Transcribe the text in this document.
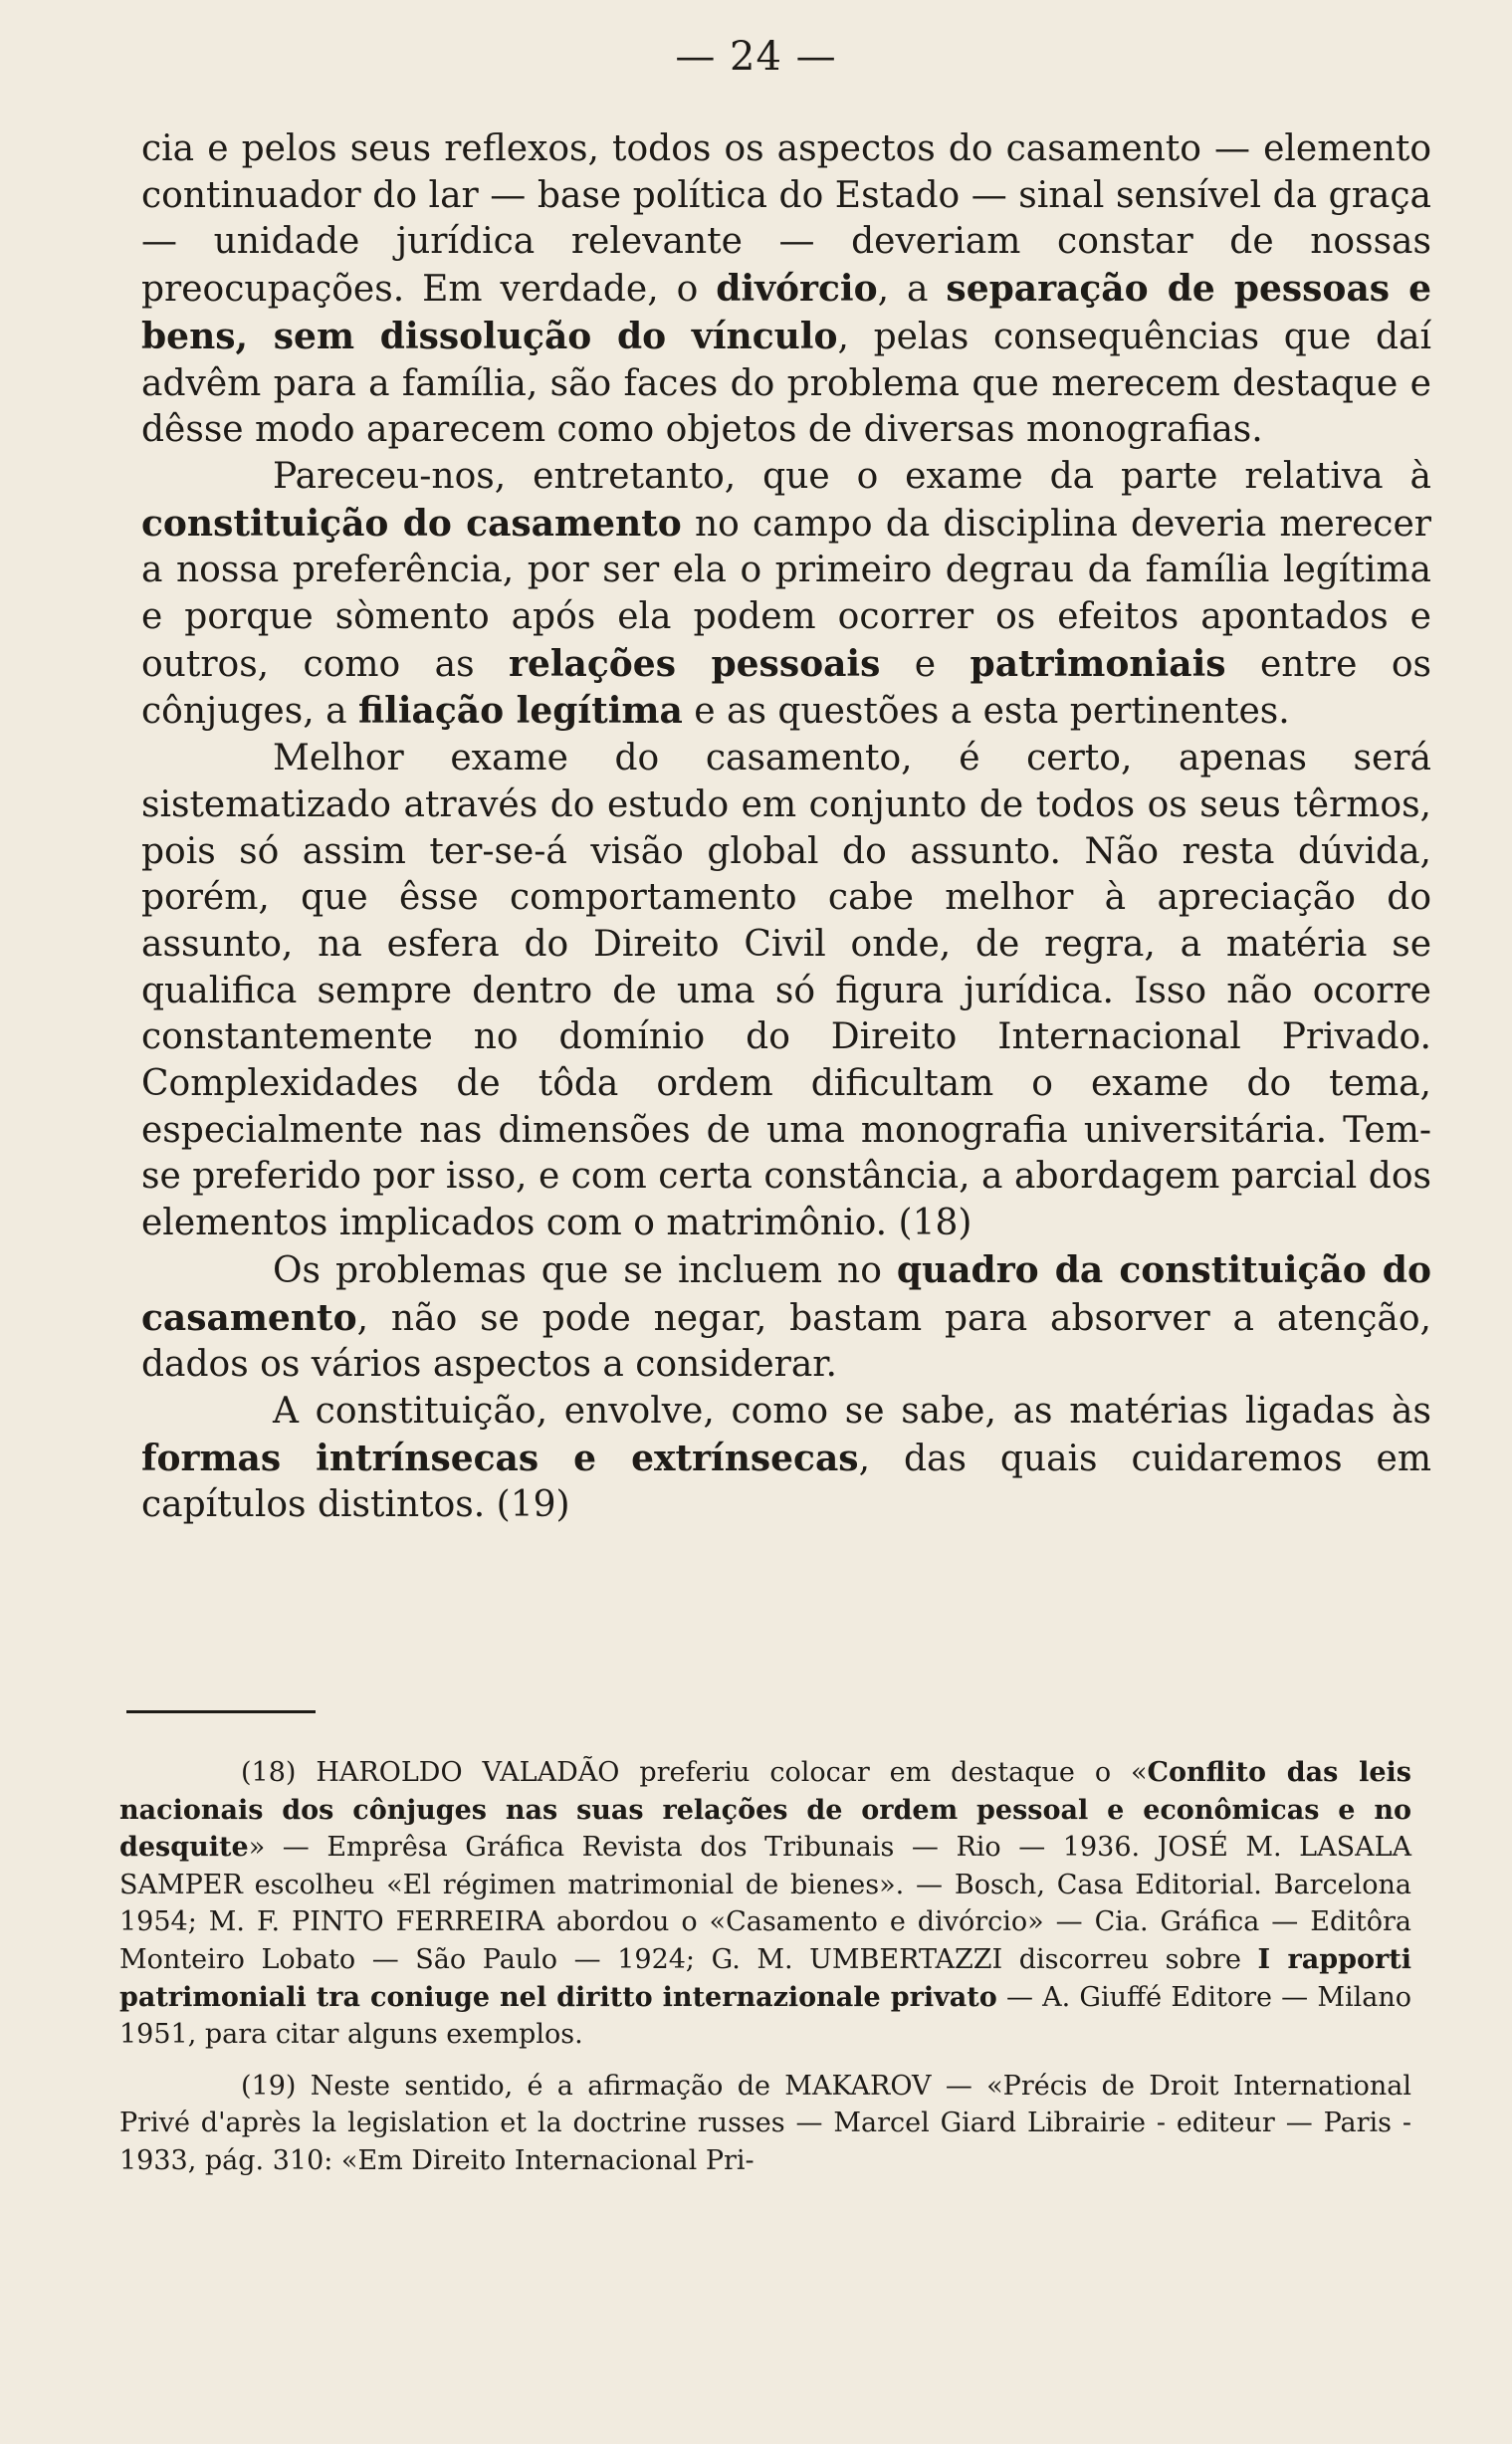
— 24 —

cia e pelos seus reflexos, todos os aspectos do casamento — elemento continuador do lar — base política do Estado — sinal sensível da graça — unidade jurídica relevante — deveriam constar de nossas preocupações. Em verdade, o divórcio, a separação de pessoas e bens, sem dissolução do vínculo, pelas consequências que daí advêm para a família, são faces do problema que merecem destaque e dêsse modo aparecem como objetos de diversas monografias.

Pareceu-nos, entretanto, que o exame da parte relativa à constituição do casamento no campo da disciplina deveria merecer a nossa preferência, por ser ela o primeiro degrau da família legítima e porque sòmento após ela podem ocorrer os efeitos apontados e outros, como as relações pessoais e patrimoniais entre os cônjuges, a filiação legítima e as questões a esta pertinentes.

Melhor exame do casamento, é certo, apenas será sistematizado através do estudo em conjunto de todos os seus têrmos, pois só assim ter-se-á visão global do assunto. Não resta dúvida, porém, que êsse comportamento cabe melhor à apreciação do assunto, na esfera do Direito Civil onde, de regra, a matéria se qualifica sempre dentro de uma só figura jurídica. Isso não ocorre constantemente no domínio do Direito Internacional Privado. Complexidades de tôda ordem dificultam o exame do tema, especialmente nas dimensões de uma monografia universitária. Tem-se preferido por isso, e com certa constância, a abordagem parcial dos elementos implicados com o matrimônio. (18)

Os problemas que se incluem no quadro da constituição do casamento, não se pode negar, bastam para absorver a atenção, dados os vários aspectos a considerar.

A constituição, envolve, como se sabe, as matérias ligadas às formas intrínsecas e extrínsecas, das quais cuidaremos em capítulos distintos. (19)

(18) HAROLDO VALADÃO preferiu colocar em destaque o «Conflito das leis nacionais dos cônjuges nas suas relações de ordem pessoal e econômicas e no desquite» — Emprêsa Gráfica Revista dos Tribunais — Rio — 1936. JOSÉ M. LASALA SAMPER escolheu «El régimen matrimonial de bienes». — Bosch, Casa Editorial. Barcelona 1954; M. F. PINTO FERREIRA abordou o «Casamento e divórcio» — Cia. Gráfica — Editôra Monteiro Lobato — São Paulo — 1924; G. M. UMBERTAZZI discorreu sobre I rapporti patrimoniali tra coniuge nel diritto internazionale privato — A. Giuffé Editore — Milano 1951, para citar alguns exemplos.

(19) Neste sentido, é a afirmação de MAKAROV — «Précis de Droit International Privé d'après la legislation et la doctrine russes — Marcel Giard Librairie - editeur — Paris - 1933, pág. 310: «Em Direito Internacional Pri-
